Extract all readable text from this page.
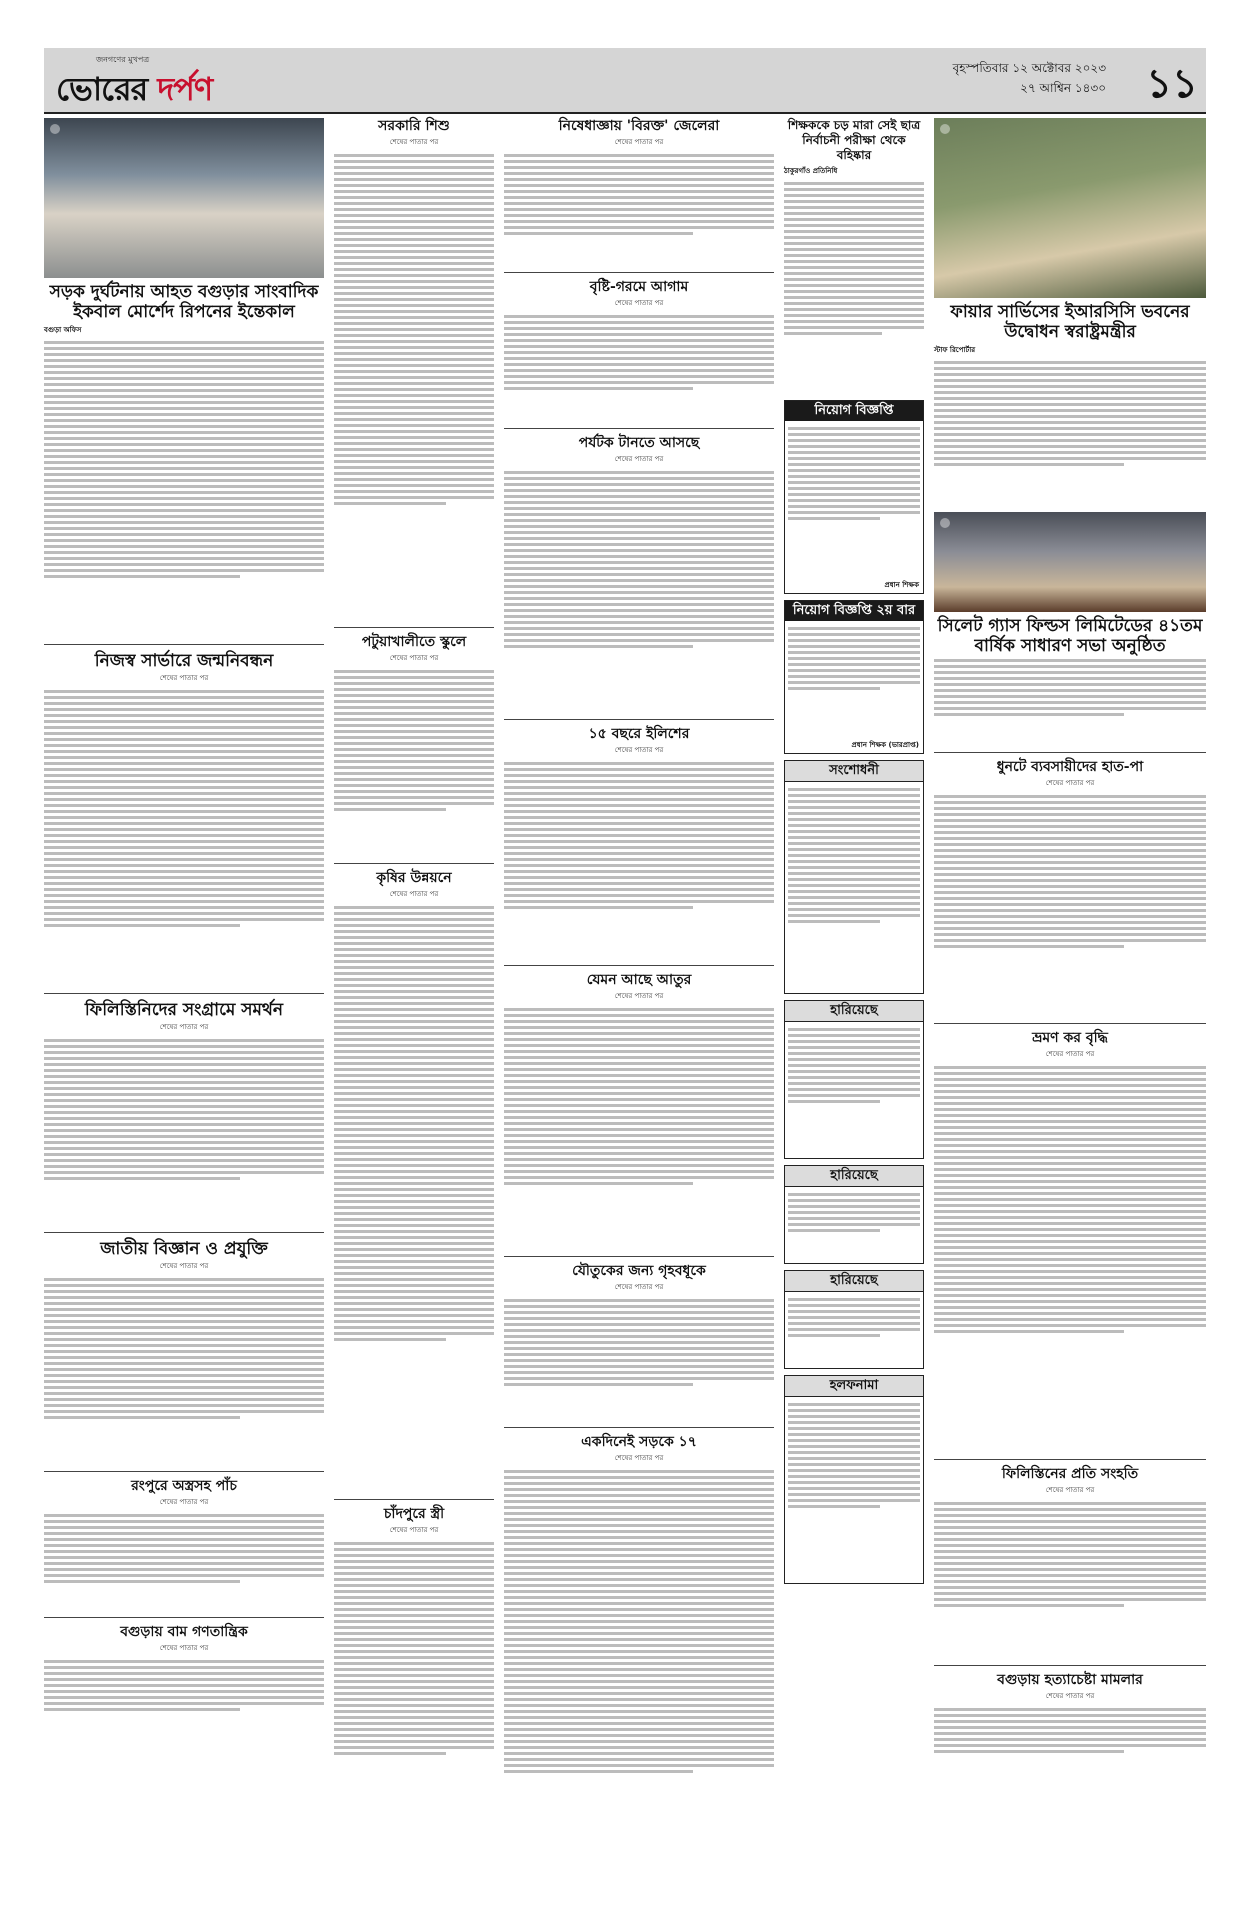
জনগণের মুখপত্র
ভোরের দর্পণ
বৃহস্পতিবার ১২ অক্টোবর ২০২৩
২৭ আশ্বিন ১৪৩০ ১১
সড়ক দুর্ঘটনায় আহত বগুড়ার সাংবাদিক ইকবাল মোর্শেদ রিপনের ইন্তেকাল
বগুড়া অফিস
নিজস্ব সার্ভারে জন্মনিবন্ধন
শেষের পাতার পর
ফিলিস্তিনিদের সংগ্রামে সমর্থন
শেষের পাতার পর
জাতীয় বিজ্ঞান ও প্রযুক্তি
শেষের পাতার পর
রংপুরে অস্ত্রসহ পাঁচ
শেষের পাতার পর
বগুড়ায় বাম গণতান্ত্রিক
শেষের পাতার পর
সরকারি শিশু
শেষের পাতার পর
পটুয়াখালীতে স্কুলে
শেষের পাতার পর
কৃষির উন্নয়নে
শেষের পাতার পর
চাঁদপুরে স্ত্রী
শেষের পাতার পর
নিষেধাজ্ঞায় 'বিরক্ত' জেলেরা
শেষের পাতার পর
বৃষ্টি-গরমে আগাম
শেষের পাতার পর
পর্যটক টানতে আসছে
শেষের পাতার পর
১৫ বছরে ইলিশের
শেষের পাতার পর
যেমন আছে আতুর
শেষের পাতার পর
যৌতুকের জন্য গৃহবধূকে
শেষের পাতার পর
একদিনেই সড়কে ১৭
শেষের পাতার পর
শিক্ষককে চড় মারা সেই ছাত্র নির্বাচনী পরীক্ষা থেকে বহিষ্কার
ঠাকুরগাঁও প্রতিনিধি
নিয়োগ বিজ্ঞপ্তি
প্রধান শিক্ষক
নিয়োগ বিজ্ঞপ্তি ২য় বার
প্রধান শিক্ষক (ভারপ্রাপ্ত)
সংশোধনী
হারিয়েছে
হারিয়েছে
হারিয়েছে
হলফনামা
ফায়ার সার্ভিসের ইআরসিসি ভবনের উদ্বোধন স্বরাষ্ট্রমন্ত্রীর
স্টাফ রিপোর্টার
সিলেট গ্যাস ফিল্ডস লিমিটেডের ৪১তম বার্ষিক সাধারণ সভা অনুষ্ঠিত
ধুনটে ব্যবসায়ীদের হাত-পা
শেষের পাতার পর
ভ্রমণ কর বৃদ্ধি
শেষের পাতার পর
ফিলিস্তিনের প্রতি সংহতি
শেষের পাতার পর
বগুড়ায় হত্যাচেষ্টা মামলার
শেষের পাতার পর
